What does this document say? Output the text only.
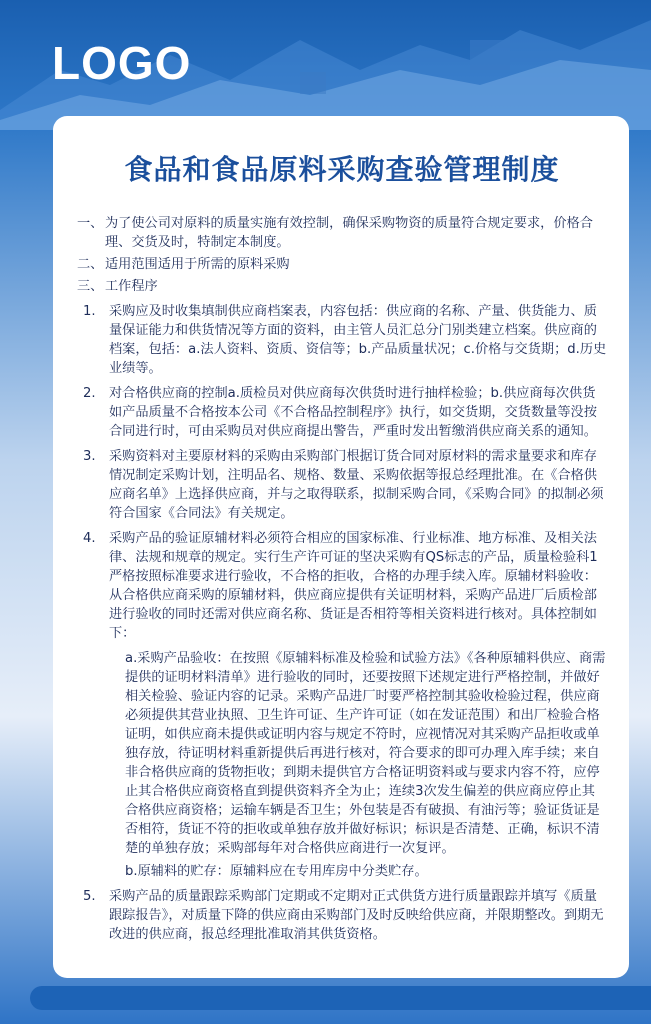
LOGO
食品和食品原料采购查验管理制度
一、 为了使公司对原料的质量实施有效控制，确保采购物资的质量符合规定要求，价格合理、交货及时，特制定本制度。
二、 适用范围适用于所需的原料采购
三、 工作程序
1.	采购应及时收集填制供应商档案表，内容包括：供应商的名称、产量、供货能力、质量保证能力和供货情况等方面的资料，由主管人员汇总分门别类建立档案。供应商的档案，包括：a.法人资料、资质、资信等；b.产品质量状况；c.价格与交货期；d.历史业绩等。
2.	对合格供应商的控制a.质检员对供应商每次供货时进行抽样检验；b.供应商每次供货如产品质量不合格按本公司《不合格品控制程序》执行，如交货期，交货数量等没按合同进行时，可由采购员对供应商提出警告，严重时发出暂缴消供应商关系的通知。
3.	采购资料对主要原材料的采购由采购部门根据订货合同对原材料的需求量要求和库存情况制定采购计划，注明品名、规格、数量、采购依据等报总经理批准。在《合格供应商名单》上选择供应商，并与之取得联系，拟制采购合同，《采购合同》的拟制必须符合国家《合同法》有关规定。
4.	采购产品的验证原辅材料必须符合相应的国家标准、行业标准、地方标准、及相关法律、法规和规章的规定。实行生产许可证的坚决采购有QS标志的产品，质量检验科1严格按照标准要求进行验收，不合格的拒收，合格的办理手续入库。原辅材料验收：从合格供应商采购的原辅材料，供应商应提供有关证明材料，采购产品进厂后质检部进行验收的同时还需对供应商名称、货证是否相符等相关资料进行核对。具体控制如下：

a.采购产品验收：在按照《原辅料标准及检验和试验方法》《各种原辅料供应、商需提供的证明材料清单》进行验收的同时，还要按照下述规定进行严格控制，并做好相关检验、验证内容的记录。采购产品进厂时要严格控制其验收检验过程，供应商必须提供其营业执照、卫生许可证、生产许可证（如在发证范围）和出厂检验合格证明，如供应商未提供或证明内容与规定不符时，应视情况对其采购产品拒收或单独存放，待证明材料重新提供后再进行核对，符合要求的即可办理入库手续；来自非合格供应商的货物拒收；到期未提供官方合格证明资料或与要求内容不符，应停止其合格供应商资格直到提供资料齐全为止；连续3次发生偏差的供应商应停止其合格供应商资格；运输车辆是否卫生；外包装是否有破损、有油污等；验证货证是否相符，货证不符的拒收或单独存放并做好标识；标识是否清楚、正确，标识不清楚的单独存放；采购部每年对合格供应商进行一次复评。

b.原辅料的贮存：原辅料应在专用库房中分类贮存。

5.	采购产品的质量跟踪采购部门定期或不定期对正式供货方进行质量跟踪并填写《质量跟踪报告》，对质量下降的供应商由采购部门及时反映给供应商，并限期整改。到期无改进的供应商，报总经理批准取消其供货资格。
